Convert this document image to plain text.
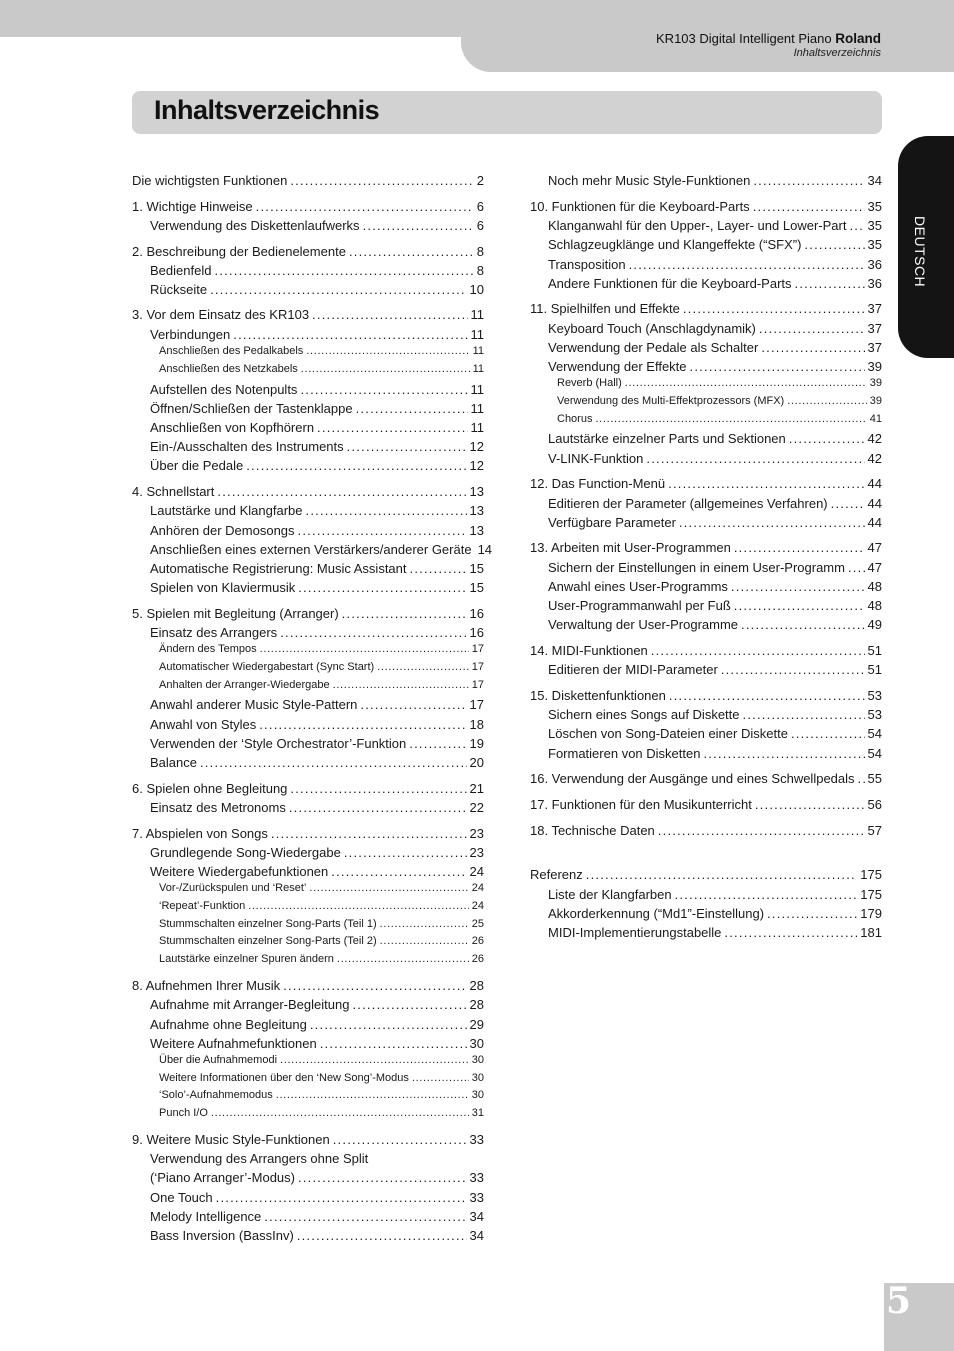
KR103 Digital Intelligent Piano Roland
Inhaltsverzeichnis
Inhaltsverzeichnis
DEUTSCH
5
Die wichtigsten Funktionen . . .	2
1. Wichtige Hinweise . . .	6
Verwendung des Diskettenlaufwerks . . .	6
2. Beschreibung der Bedienelemente . . .	8
Bedienfeld . . .	8
Rückseite . . .	10
3. Vor dem Einsatz des KR103 . . .	11
Verbindungen . . .	11
Anschließen des Pedalkabels . . .	11
Anschließen des Netzkabels . . .	11
Aufstellen des Notenpults . . .	11
Öffnen/Schließen der Tastenklappe . . .	11
Anschließen von Kopfhörern . . .	11
Ein-/Ausschalten des Instruments . . .	12
Über die Pedale . . .	12
4. Schnellstart . . .	13
Lautstärke und Klangfarbe . . .	13
Anhören der Demosongs . . .	13
Anschließen eines externen Verstärkers/anderer Geräte 14
Automatische Registrierung: Music Assistant . . .	15
Spielen von Klaviermusik . . .	15
5. Spielen mit Begleitung (Arranger) . . .	16
Einsatz des Arrangers . . .	16
Ändern des Tempos . . .	17
Automatischer Wiedergabestart (Sync Start) . . .	17
Anhalten der Arranger-Wiedergabe . . .	17
Anwahl anderer Music Style-Pattern . . .	17
Anwahl von Styles . . .	18
Verwenden der ‘Style Orchestrator’-Funktion . . .	19
Balance . . .	20
6. Spielen ohne Begleitung . . .	21
Einsatz des Metronoms . . .	22
7. Abspielen von Songs . . .	23
Grundlegende Song-Wiedergabe . . .	23
Weitere Wiedergabefunktionen . . .	24
Vor-/Zurückspulen und ‘Reset’ . . .	24
‘Repeat’-Funktion . . .	24
Stummschalten einzelner Song-Parts (Teil 1) . . .	25
Stummschalten einzelner Song-Parts (Teil 2) . . .	26
Lautstärke einzelner Spuren ändern . . .	26
8. Aufnehmen Ihrer Musik . . .	28
Aufnahme mit Arranger-Begleitung . . .	28
Aufnahme ohne Begleitung . . .	29
Weitere Aufnahmefunktionen . . .	30
Über die Aufnahmemodi . . .	30
Weitere Informationen über den ‘New Song’-Modus . . .	30
‘Solo’-Aufnahmemodus . . .	30
Punch I/O . . .	31
9. Weitere Music Style-Funktionen . . .	33
Verwendung des Arrangers ohne Split
(‘Piano Arranger’-Modus) . . .	33
One Touch . . .	33
Melody Intelligence . . .	34
Bass Inversion (BassInv) . . .	34
Noch mehr Music Style-Funktionen . . .	34
10. Funktionen für die Keyboard-Parts . . .	35
Klanganwahl für den Upper-, Layer- und Lower-Part . . . 35
Schlagzeugklänge und Klangeffekte (“SFX”) . . .	35
Transposition . . .	36
Andere Funktionen für die Keyboard-Parts . . .	36
11. Spielhilfen und Effekte . . .	37
Keyboard Touch (Anschlagdynamik) . . .	37
Verwendung der Pedale als Schalter . . .	37
Verwendung der Effekte . . .	39
Reverb (Hall) . . .	39
Verwendung des Multi-Effektprozessors (MFX) . . .	39
Chorus . . .	41
Lautstärke einzelner Parts und Sektionen . . .	42
V-LINK-Funktion . . .	42
12. Das Function-Menü . . .	44
Editieren der Parameter (allgemeines Verfahren) . . .	44
Verfügbare Parameter . . .	44
13. Arbeiten mit User-Programmen . . .	47
Sichern der Einstellungen in einem User-Programm . . . 47
Anwahl eines User-Programms . . .	48
User-Programmanwahl per Fuß . . .	48
Verwaltung der User-Programme . . .	49
14. MIDI-Funktionen . . .	51
Editieren der MIDI-Parameter . . .	51
15. Diskettenfunktionen . . .	53
Sichern eines Songs auf Diskette . . .	53
Löschen von Song-Dateien einer Diskette . . .	54
Formatieren von Disketten . . .	54
16. Verwendung der Ausgänge und eines Schwellpedals . . . 55
17. Funktionen für den Musikunterricht . . .	56
18. Technische Daten . . .	57
Referenz . . .	175
Liste der Klangfarben . . .	175
Akkorderkennung (“Md1”-Einstellung) . . .	179
MIDI-Implementierungstabelle . . .	181
